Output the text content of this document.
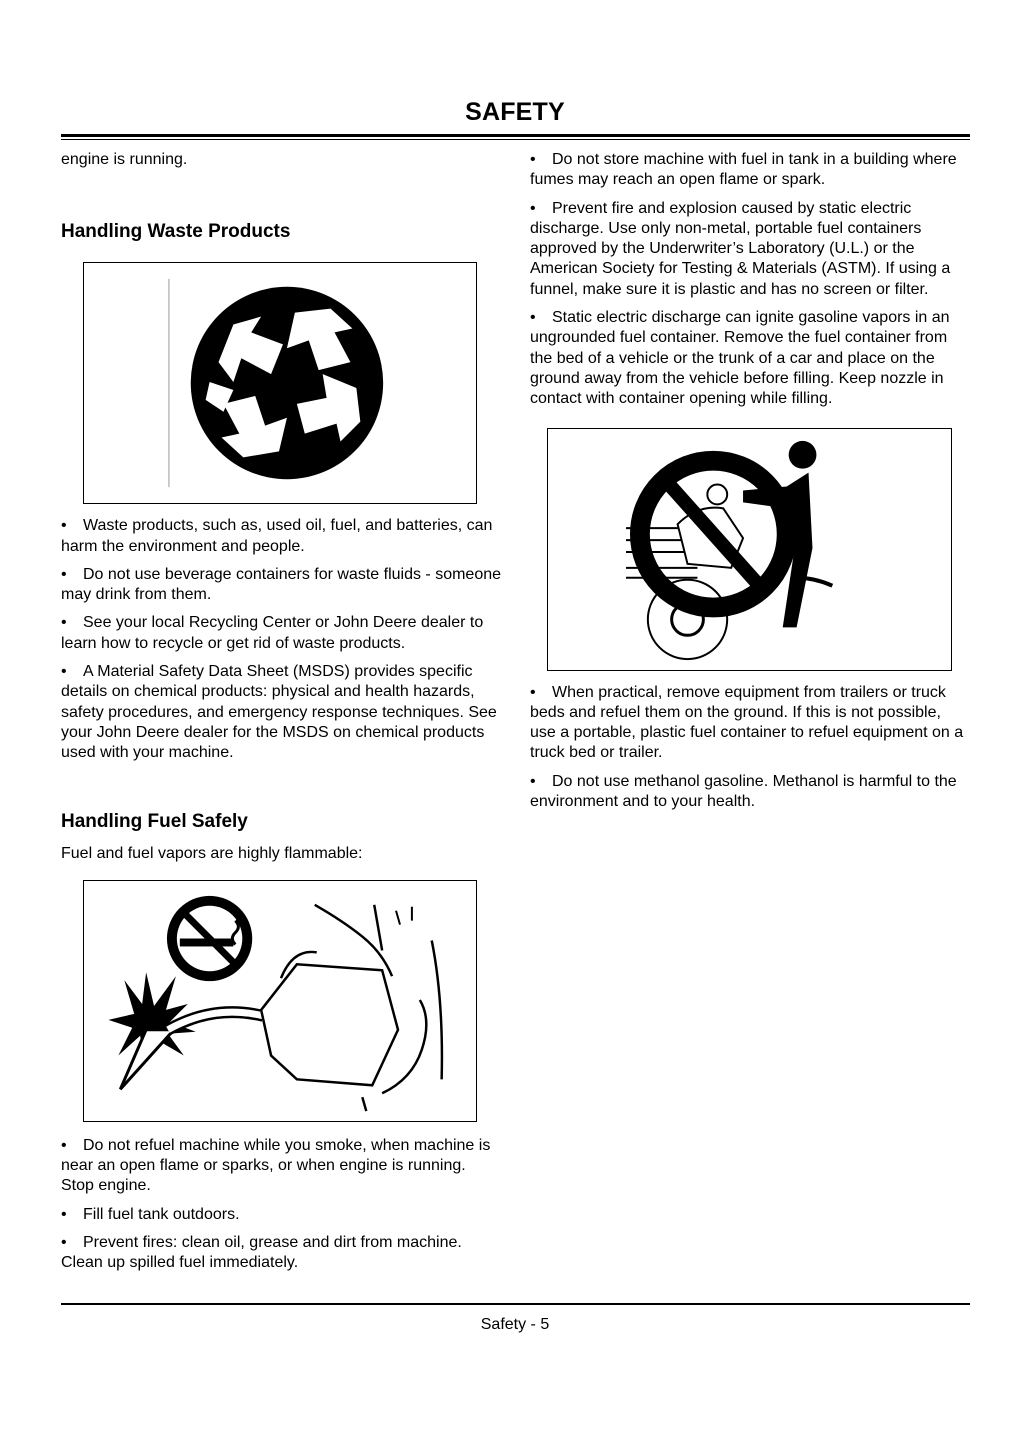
SAFETY

engine is running.

Handling Waste Products

• Waste products, such as, used oil, fuel, and batteries, can harm the environment and people.

• Do not use beverage containers for waste fluids - someone may drink from them.

• See your local Recycling Center or John Deere dealer to learn how to recycle or get rid of waste products.

• A Material Safety Data Sheet (MSDS) provides specific details on chemical products: physical and health hazards, safety procedures, and emergency response techniques. See your John Deere dealer for the MSDS on chemical products used with your machine.

Handling Fuel Safely

Fuel and fuel vapors are highly flammable:

• Do not refuel machine while you smoke, when machine is near an open flame or sparks, or when engine is running. Stop engine.

• Fill fuel tank outdoors.

• Prevent fires: clean oil, grease and dirt from machine. Clean up spilled fuel immediately.

• Do not store machine with fuel in tank in a building where fumes may reach an open flame or spark.

• Prevent fire and explosion caused by static electric discharge. Use only non-metal, portable fuel containers approved by the Underwriter’s Laboratory (U.L.) or the American Society for Testing & Materials (ASTM). If using a funnel, make sure it is plastic and has no screen or filter.

• Static electric discharge can ignite gasoline vapors in an ungrounded fuel container. Remove the fuel container from the bed of a vehicle or the trunk of a car and place on the ground away from the vehicle before filling. Keep nozzle in contact with container opening while filling.

• When practical, remove equipment from trailers or truck beds and refuel them on the ground. If this is not possible, use a portable, plastic fuel container to refuel equipment on a truck bed or trailer.

• Do not use methanol gasoline. Methanol is harmful to the environment and to your health.

Safety - 5
